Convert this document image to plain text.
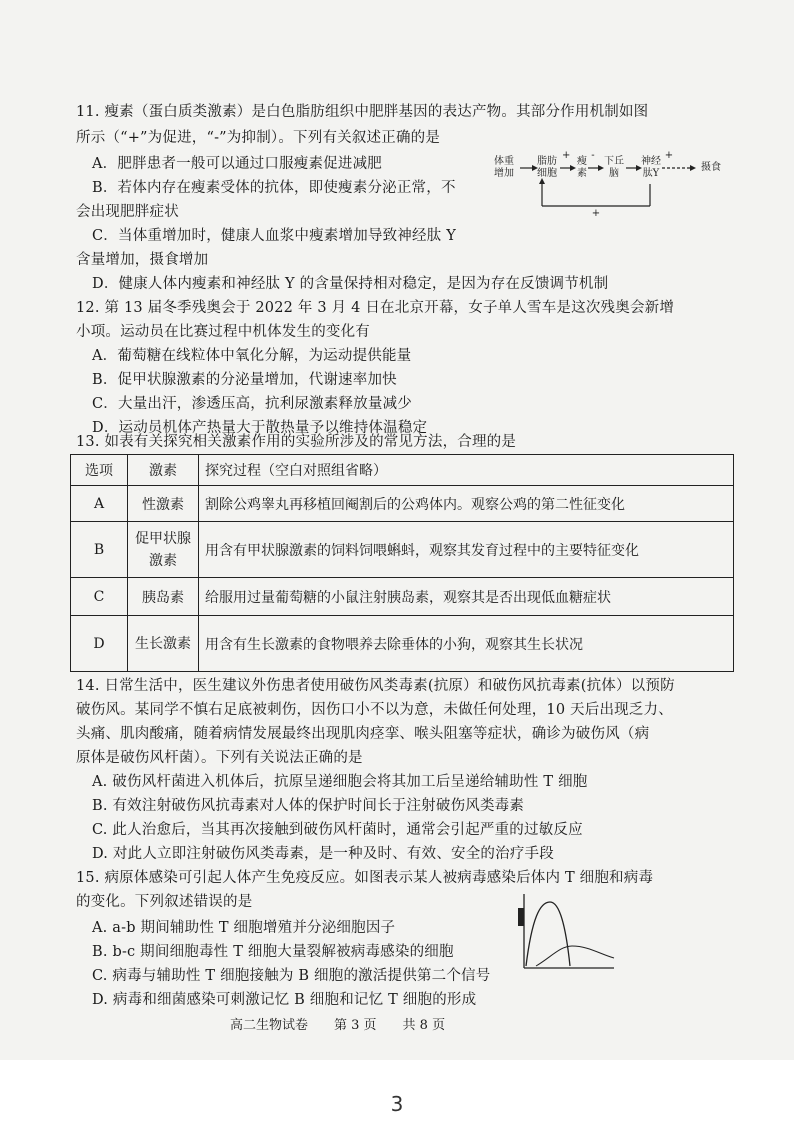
11. 瘦素（蛋白质类激素）是白色脂肪组织中肥胖基因的表达产物。其部分作用机制如图
所示（“+”为促进，“-”为抑制）。下列有关叙述正确的是
A．肥胖患者一般可以通过口服瘦素促进减肥
B．若体内存在瘦素受体的抗体，即使瘦素分泌正常，不
会出现肥胖症状
C．当体重增加时，健康人血浆中瘦素增加导致神经肽 Y
含量增加，摄食增加
D．健康人体内瘦素和神经肽 Y 的含量保持相对稳定，是因为存在反馈调节机制
体重
增加
脂肪
细胞
瘦
素
下丘
脑
神经
肽Y
摄食
+	-	+
+
12. 第 13 届冬季残奥会于 2022 年 3 月 4 日在北京开幕，女子单人雪车是这次残奥会新增
小项。运动员在比赛过程中机体发生的变化有
A．葡萄糖在线粒体中氧化分解，为运动提供能量
B．促甲状腺激素的分泌量增加，代谢速率加快
C．大量出汗，渗透压高，抗利尿激素释放量减少
D．运动员机体产热量大于散热量予以维持体温稳定
13. 如表有关探究相关激素作用的实验所涉及的常见方法，合理的是
选项	激素	探究过程（空白对照组省略）
A	性激素	割除公鸡睾丸再移植回阉割后的公鸡体内。观察公鸡的第二性征变化
B	促甲状腺激素	用含有甲状腺激素的饲料饲喂蝌蚪，观察其发育过程中的主要特征变化
C	胰岛素	给服用过量葡萄糖的小鼠注射胰岛素，观察其是否出现低血糖症状
D	生长激素	用含有生长激素的食物喂养去除垂体的小狗，观察其生长状况
14. 日常生活中，医生建议外伤患者使用破伤风类毒素(抗原）和破伤风抗毒素(抗体）以预防
破伤风。某同学不慎右足底被刺伤，因伤口小不以为意，未做任何处理，10 天后出现乏力、
头痛、肌肉酸痛，随着病情发展最终出现肌肉痉挛、喉头阻塞等症状，确诊为破伤风（病
原体是破伤风杆菌）。下列有关说法正确的是
A. 破伤风杆菌进入机体后，抗原呈递细胞会将其加工后呈递给辅助性 T 细胞
B. 有效注射破伤风抗毒素对人体的保护时间长于注射破伤风类毒素
C. 此人治愈后，当其再次接触到破伤风杆菌时，通常会引起严重的过敏反应
D. 对此人立即注射破伤风类毒素，是一种及时、有效、安全的治疗手段
15. 病原体感染可引起人体产生免疫反应。如图表示某人被病毒感染后体内 T 细胞和病毒
的变化。下列叙述错误的是
A. a-b 期间辅助性 T 细胞增殖并分泌细胞因子
B. b-c 期间细胞毒性 T 细胞大量裂解被病毒感染的细胞
C. 病毒与辅助性 T 细胞接触为 B 细胞的激活提供第二个信号
D. 病毒和细菌感染可刺激记忆 B 细胞和记忆 T 细胞的形成
高二生物试卷　　第 3 页　　共 8 页
3
